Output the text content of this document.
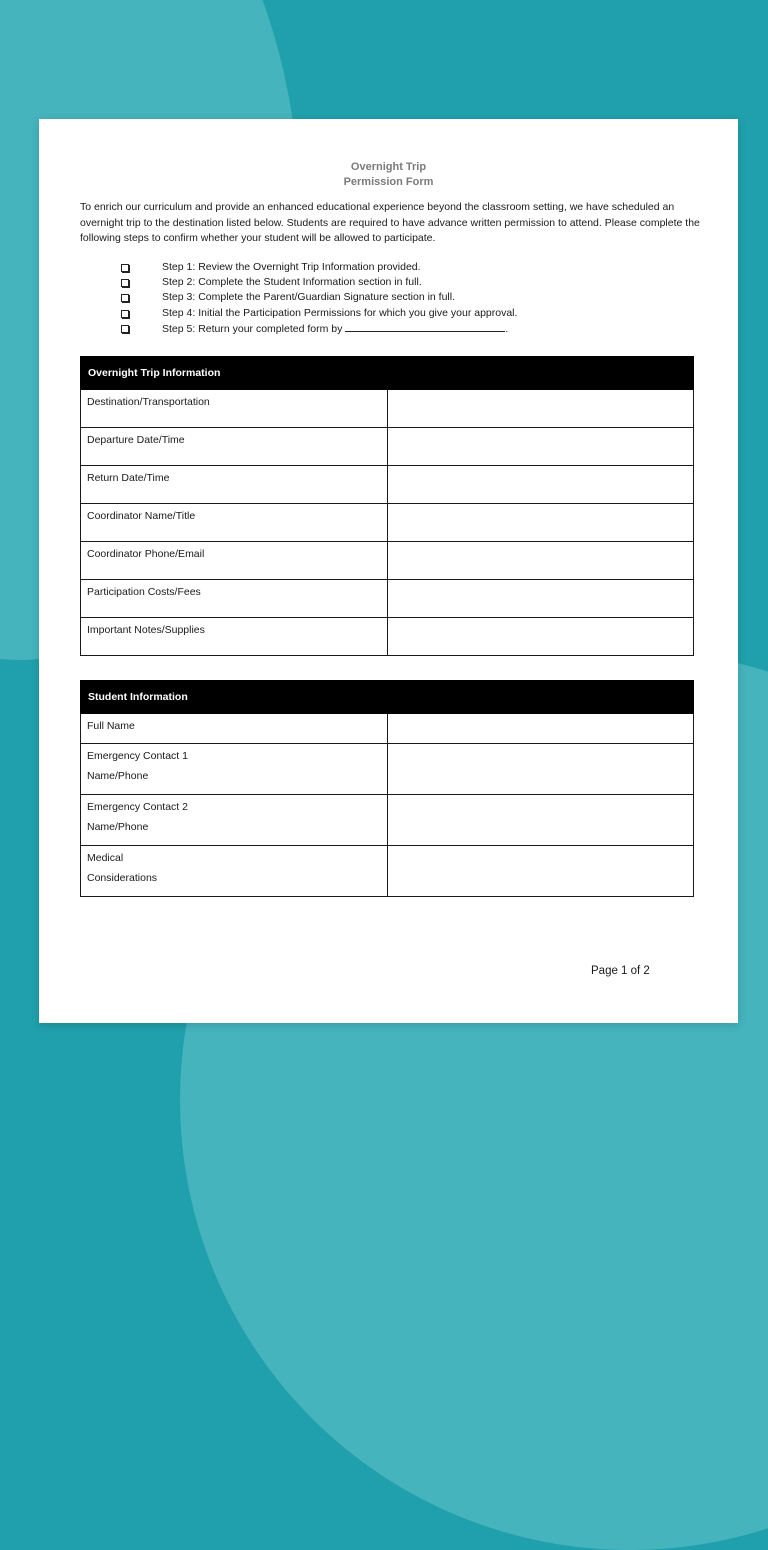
Overnight Trip
Permission Form
To enrich our curriculum and provide an enhanced educational experience beyond the classroom setting, we have scheduled an overnight trip to the destination listed below. Students are required to have advance written permission to attend. Please complete the following steps to confirm whether your student will be allowed to participate.
Step 1: Review the Overnight Trip Information provided.
Step 2: Complete the Student Information section in full.
Step 3: Complete the Parent/Guardian Signature section in full.
Step 4: Initial the Participation Permissions for which you give your approval.
Step 5: Return your completed form by	.
Overnight Trip Information	
Destination/Transportation	
Departure Date/Time	
Return Date/Time	
Coordinator Name/Title	
Coordinator Phone/Email	
Participation Costs/Fees	
Important Notes/Supplies	
Student Information	

Full Name	

Emergency Contact 1
Name/Phone	

Emergency Contact 2
Name/Phone	

Medical
Considerations	

Page 1 of 2
